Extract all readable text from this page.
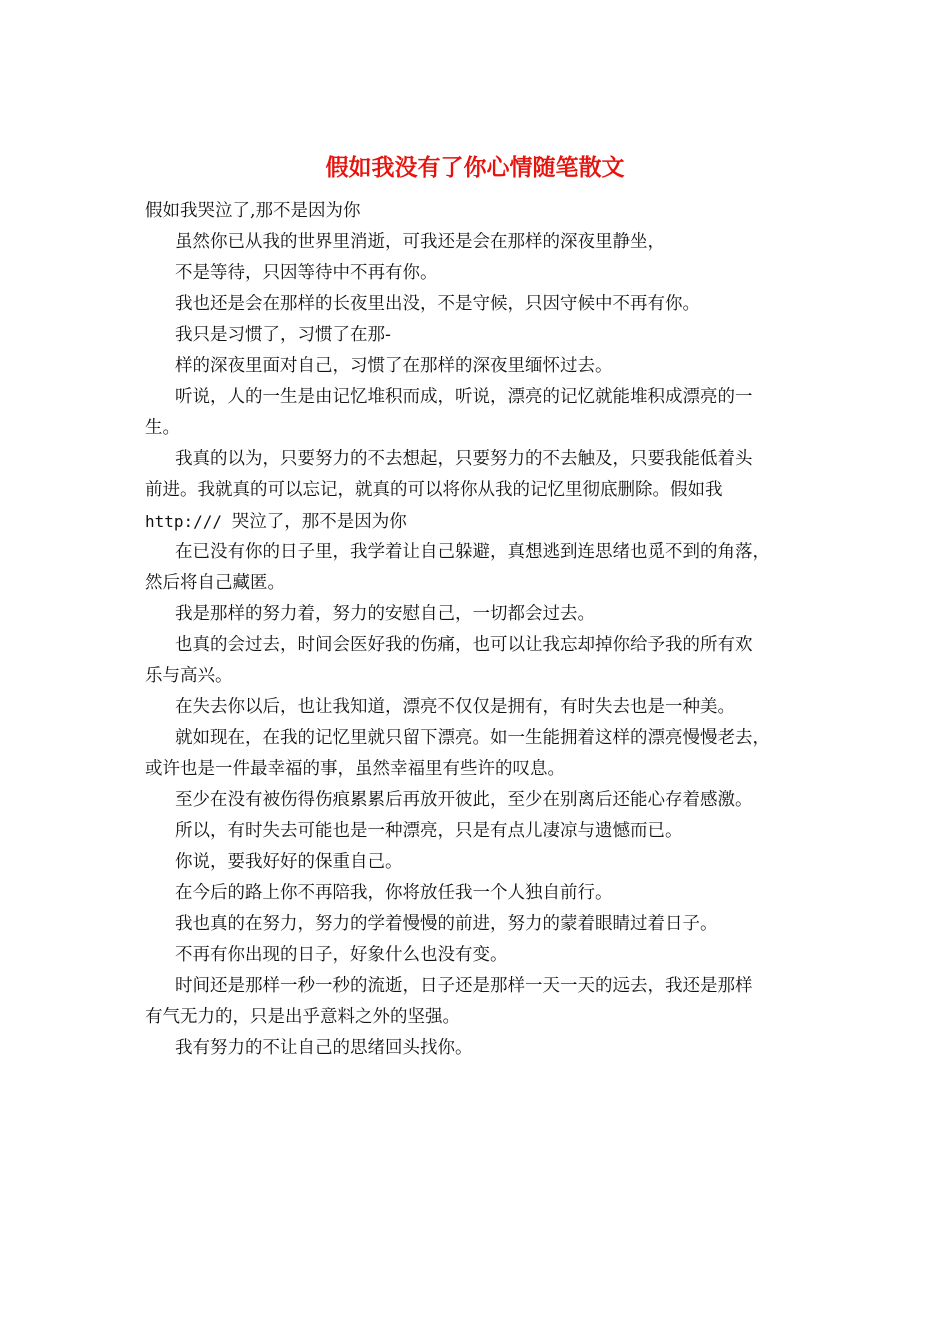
假如我没有了你心情随笔散文

假如我哭泣了,那不是因为你

虽然你已从我的世界里消逝，可我还是会在那样的深夜里静坐，

不是等待，只因等待中不再有你。

我也还是会在那样的长夜里出没，不是守候，只因守候中不再有你。

我只是习惯了，习惯了在那-

样的深夜里面对自己，习惯了在那样的深夜里缅怀过去。

听说，人的一生是由记忆堆积而成，听说，漂亮的记忆就能堆积成漂亮的一

生。

我真的以为，只要努力的不去想起，只要努力的不去触及，只要我能低着头

前进。我就真的可以忘记，就真的可以将你从我的记忆里彻底删除。假如我

http:/// 哭泣了，那不是因为你

在已没有你的日子里，我学着让自己躲避，真想逃到连思绪也觅不到的角落，

然后将自己藏匿。

我是那样的努力着，努力的安慰自己，一切都会过去。

也真的会过去，时间会医好我的伤痛，也可以让我忘却掉你给予我的所有欢

乐与高兴。

在失去你以后，也让我知道，漂亮不仅仅是拥有，有时失去也是一种美。

就如现在，在我的记忆里就只留下漂亮。如一生能拥着这样的漂亮慢慢老去，

或许也是一件最幸福的事，虽然幸福里有些许的叹息。

至少在没有被伤得伤痕累累后再放开彼此，至少在别离后还能心存着感激。

所以，有时失去可能也是一种漂亮，只是有点儿凄凉与遗憾而已。

你说，要我好好的保重自己。

在今后的路上你不再陪我，你将放任我一个人独自前行。

我也真的在努力，努力的学着慢慢的前进，努力的蒙着眼睛过着日子。

不再有你出现的日子，好象什么也没有变。

时间还是那样一秒一秒的流逝，日子还是那样一天一天的远去，我还是那样

有气无力的，只是出乎意料之外的坚强。

我有努力的不让自己的思绪回头找你。
